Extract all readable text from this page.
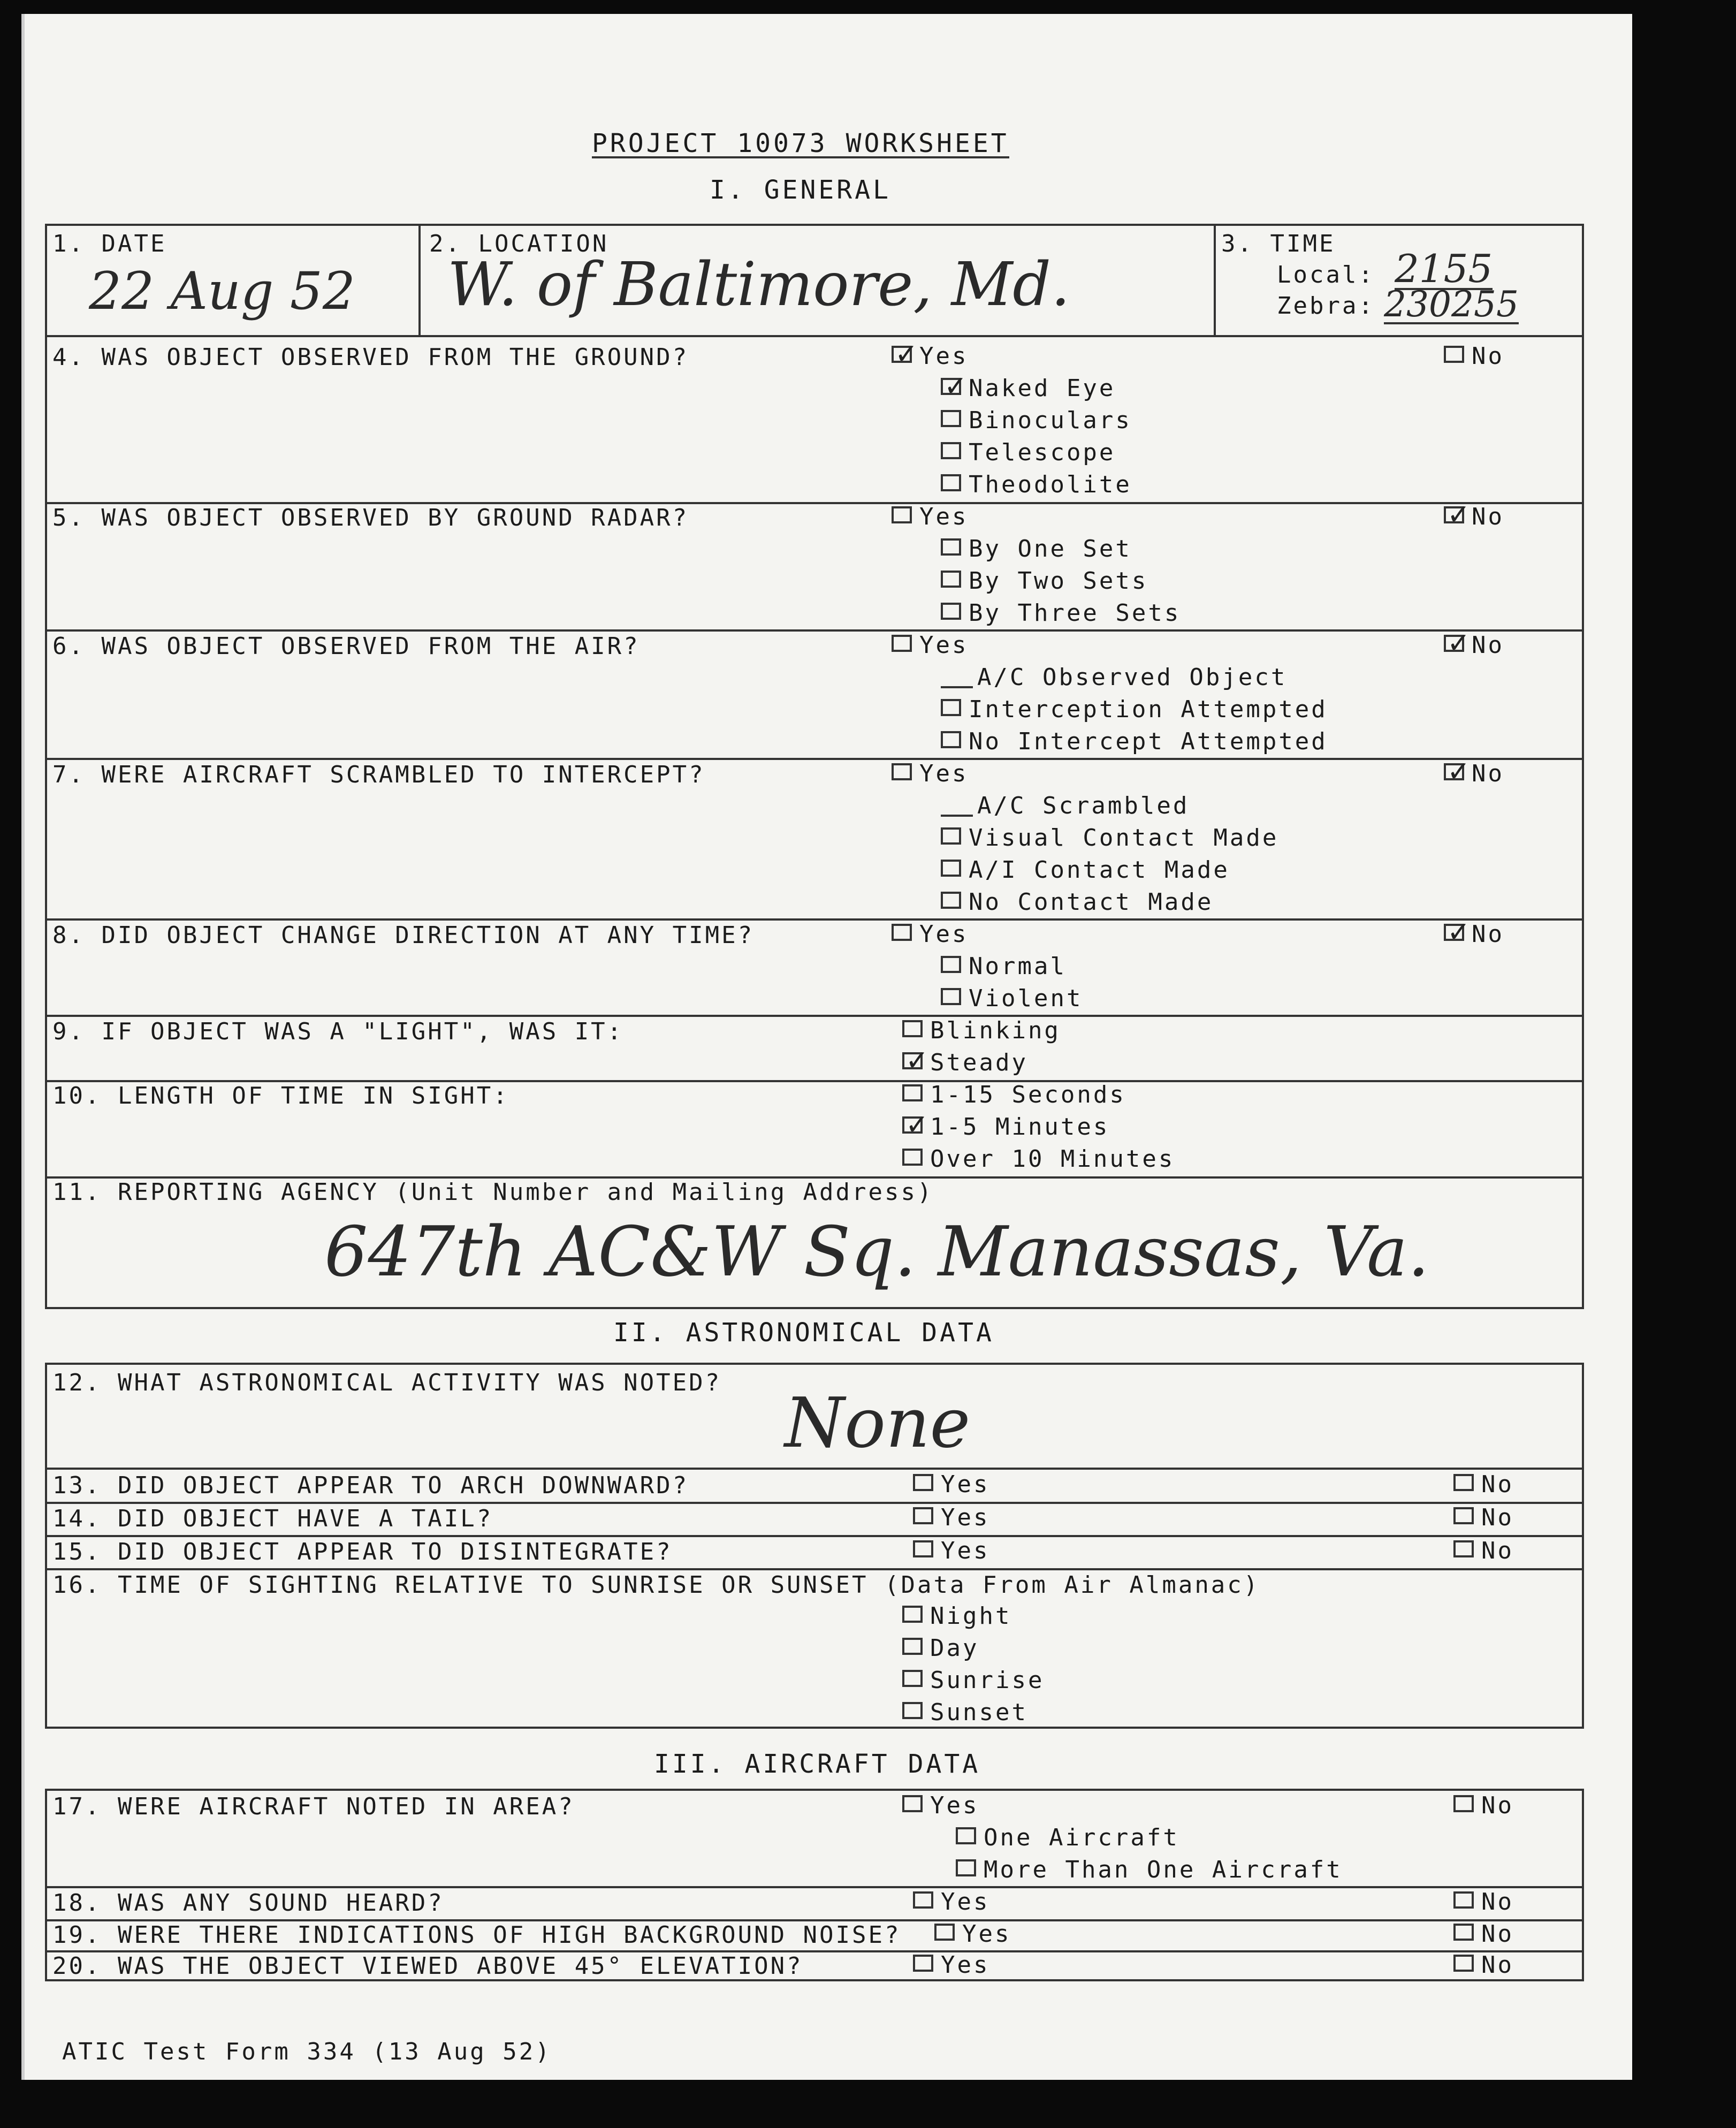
PROJECT 10073 WORKSHEET
I. GENERAL
1. DATE
22 Aug 52
2. LOCATION
W. of Baltimore, Md.
3. TIME
Local: 2155
Zebra: 230255
4. WAS OBJECT OBSERVED FROM THE GROUND? ✓	Yes	No
✓
Naked Eye
Binoculars
Telescope
Theodolite
5. WAS OBJECT OBSERVED BY GROUND RADAR?	Yes ✓	No
By One Set
By Two Sets
By Three Sets
6. WAS OBJECT OBSERVED FROM THE AIR?	Yes ✓	No
A/C Observed Object
Interception Attempted
No Intercept Attempted
7. WERE AIRCRAFT SCRAMBLED TO INTERCEPT?	Yes ✓	No
A/C Scrambled
Visual Contact Made
A/I Contact Made
No Contact Made
8. DID OBJECT CHANGE DIRECTION AT ANY TIME?	Yes ✓	No
Normal
Violent
9. IF OBJECT WAS A "LIGHT", WAS IT:	Blinking
✓
Steady
10. LENGTH OF TIME IN SIGHT:	1-15 Seconds
✓
1-5 Minutes
Over 10 Minutes
11. REPORTING AGENCY (Unit Number and Mailing Address)
647th AC&W Sq. Manassas, Va.
II. ASTRONOMICAL DATA
12. WHAT ASTRONOMICAL ACTIVITY WAS NOTED?
None
13. DID OBJECT APPEAR TO ARCH DOWNWARD?	Yes	No
14. DID OBJECT HAVE A TAIL?	Yes	No
15. DID OBJECT APPEAR TO DISINTEGRATE?	Yes	No
16. TIME OF SIGHTING RELATIVE TO SUNRISE OR SUNSET (Data From Air Almanac)
Night
Day
Sunrise
Sunset
III. AIRCRAFT DATA
17. WERE AIRCRAFT NOTED IN AREA?	Yes	No
One Aircraft
More Than One Aircraft
18. WAS ANY SOUND HEARD?	Yes	No
19. WERE THERE INDICATIONS OF HIGH BACKGROUND NOISE?	Yes	No
20. WAS THE OBJECT VIEWED ABOVE 45° ELEVATION?	Yes	No
ATIC Test Form 334 (13 Aug 52)
